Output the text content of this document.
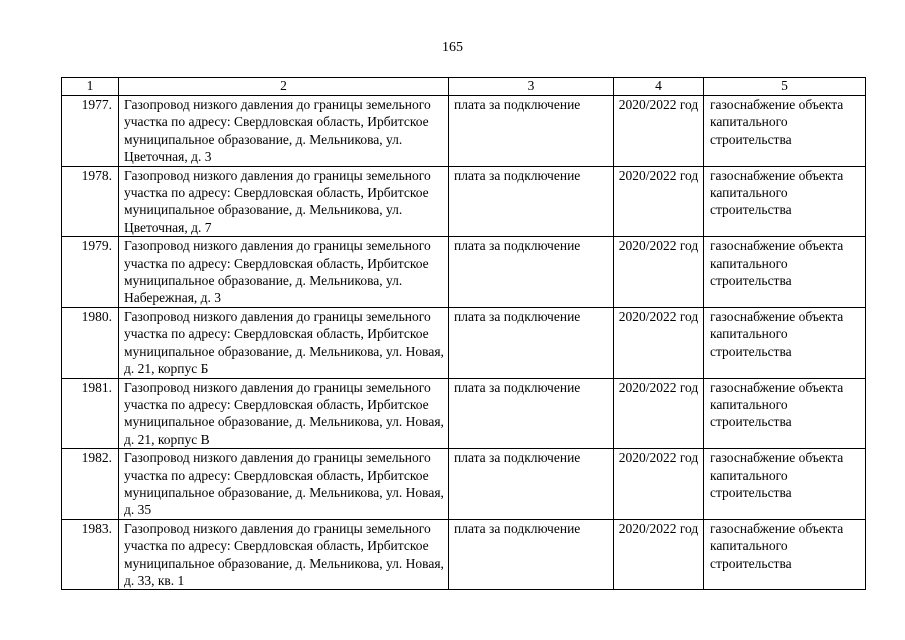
165
1	2	3	4	5
1977.	Газопровод низкого давления до границы земельного участка по адресу: Свердловская область, Ирбитское муниципальное образование, д. Мельникова, ул. Цветочная, д. 3	плата за подключение	2020/2022 год	газоснабжение объекта капитального строительства
1978.	Газопровод низкого давления до границы земельного участка по адресу: Свердловская область, Ирбитское муниципальное образование, д. Мельникова, ул. Цветочная, д. 7	плата за подключение	2020/2022 год	газоснабжение объекта капитального строительства
1979.	Газопровод низкого давления до границы земельного участка по адресу: Свердловская область, Ирбитское муниципальное образование, д. Мельникова, ул. Набережная, д. 3	плата за подключение	2020/2022 год	газоснабжение объекта капитального строительства
1980.	Газопровод низкого давления до границы земельного участка по адресу: Свердловская область, Ирбитское муниципальное образование, д. Мельникова, ул. Новая, д. 21, корпус Б	плата за подключение	2020/2022 год	газоснабжение объекта капитального строительства
1981.	Газопровод низкого давления до границы земельного участка по адресу: Свердловская область, Ирбитское муниципальное образование, д. Мельникова, ул. Новая, д. 21, корпус В	плата за подключение	2020/2022 год	газоснабжение объекта капитального строительства
1982.	Газопровод низкого давления до границы земельного участка по адресу: Свердловская область, Ирбитское муниципальное образование, д. Мельникова, ул. Новая, д. 35	плата за подключение	2020/2022 год	газоснабжение объекта капитального строительства
1983.	Газопровод низкого давления до границы земельного участка по адресу: Свердловская область, Ирбитское муниципальное образование, д. Мельникова, ул. Новая, д. 33, кв. 1	плата за подключение	2020/2022 год	газоснабжение объекта капитального строительства
